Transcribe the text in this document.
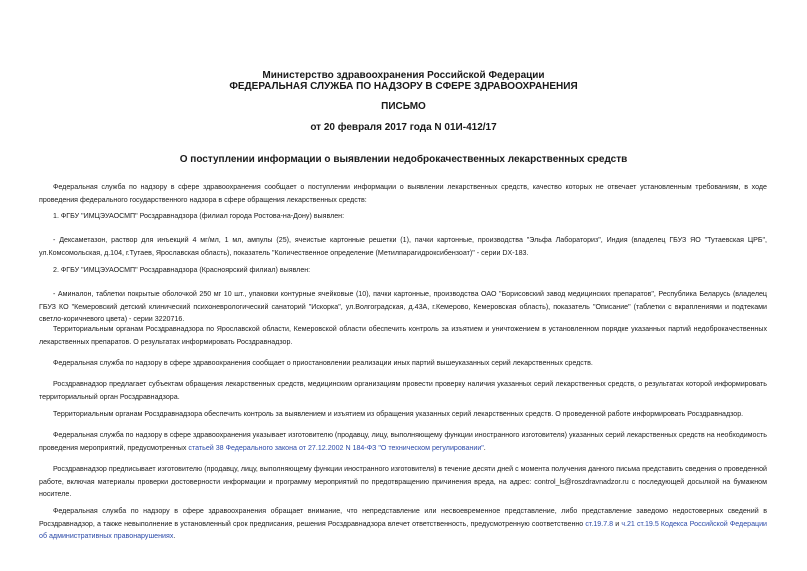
Министерство здравоохранения Российской Федерации
ФЕДЕРАЛЬНАЯ СЛУЖБА ПО НАДЗОРУ В СФЕРЕ ЗДРАВООХРАНЕНИЯ
ПИСЬМО
от 20 февраля 2017 года N 01И-412/17
О поступлении информации о выявлении недоброкачественных лекарственных средств
Федеральная служба по надзору в сфере здравоохранения сообщает о поступлении информации о выявлении лекарственных средств, качество которых не отвечает установленным требованиям, в ходе проведения федерального государственного надзора в сфере обращения лекарственных средств:
1. ФГБУ "ИМЦЭУАОСМП" Росздравнадзора (филиал города Ростова-на-Дону) выявлен:
- Дексаметазон, раствор для инъекций 4 мг/мл, 1 мл, ампулы (25), ячеистые картонные решетки (1), пачки картонные, производства "Эльфа Лабораториз", Индия (владелец ГБУЗ ЯО "Тутаевская ЦРБ", ул.Комсомольская, д.104, г.Тутаев, Ярославская область), показатель "Количественное определение (Метилпарагидроксибензоат)" - серии DX-183.
2. ФГБУ "ИМЦЭУАОСМП" Росздравнадзора (Красноярский филиал) выявлен:
- Аминалон, таблетки покрытые оболочкой 250 мг 10 шт., упаковки контурные ячейковые (10), пачки картонные, производства ОАО "Борисовский завод медицинских препаратов", Республика Беларусь (владелец ГБУЗ КО "Кемеровский детский клинический психоневрологический санаторий "Искорка", ул.Волгоградская, д.43А, г.Кемерово, Кемеровская область), показатель "Описание" (таблетки с вкраплениями и подтеками светло-коричневого цвета) - серии 3220716.
Территориальным органам Росздравнадзора по Ярославской области, Кемеровской области обеспечить контроль за изъятием и уничтожением в установленном порядке указанных партий недоброкачественных лекарственных препаратов. О результатах информировать Росздравнадзор.
Федеральная служба по надзору в сфере здравоохранения сообщает о приостановлении реализации иных партий вышеуказанных серий лекарственных средств.
Росздравнадзор предлагает субъектам обращения лекарственных средств, медицинским организациям провести проверку наличия указанных серий лекарственных средств, о результатах которой информировать территориальный орган Росздравнадзора.
Территориальным органам Росздравнадзора обеспечить контроль за выявлением и изъятием из обращения указанных серий лекарственных средств. О проведенной работе информировать Росздравнадзор.
Федеральная служба по надзору в сфере здравоохранения указывает изготовителю (продавцу, лицу, выполняющему функции иностранного изготовителя) указанных серий лекарственных средств на необходимость проведения мероприятий, предусмотренных статьей 38 Федерального закона от 27.12.2002 N 184-ФЗ "О техническом регулировании".
Росздравнадзор предписывает изготовителю (продавцу, лицу, выполняющему функции иностранного изготовителя) в течение десяти дней с момента получения данного письма представить сведения о проведенной работе, включая материалы проверки достоверности информации и программу мероприятий по предотвращению причинения вреда, на адрес: control_ls@roszdravnadzor.ru с последующей досылкой на бумажном носителе.
Федеральная служба по надзору в сфере здравоохранения обращает внимание, что непредставление или несвоевременное представление, либо представление заведомо недостоверных сведений в Росздравнадзор, а также невыполнение в установленный срок предписания, решения Росздравнадзора влечет ответственность, предусмотренную соответственно ст.19.7.8 и ч.21 ст.19.5 Кодекса Российской Федерации об административных правонарушениях.
